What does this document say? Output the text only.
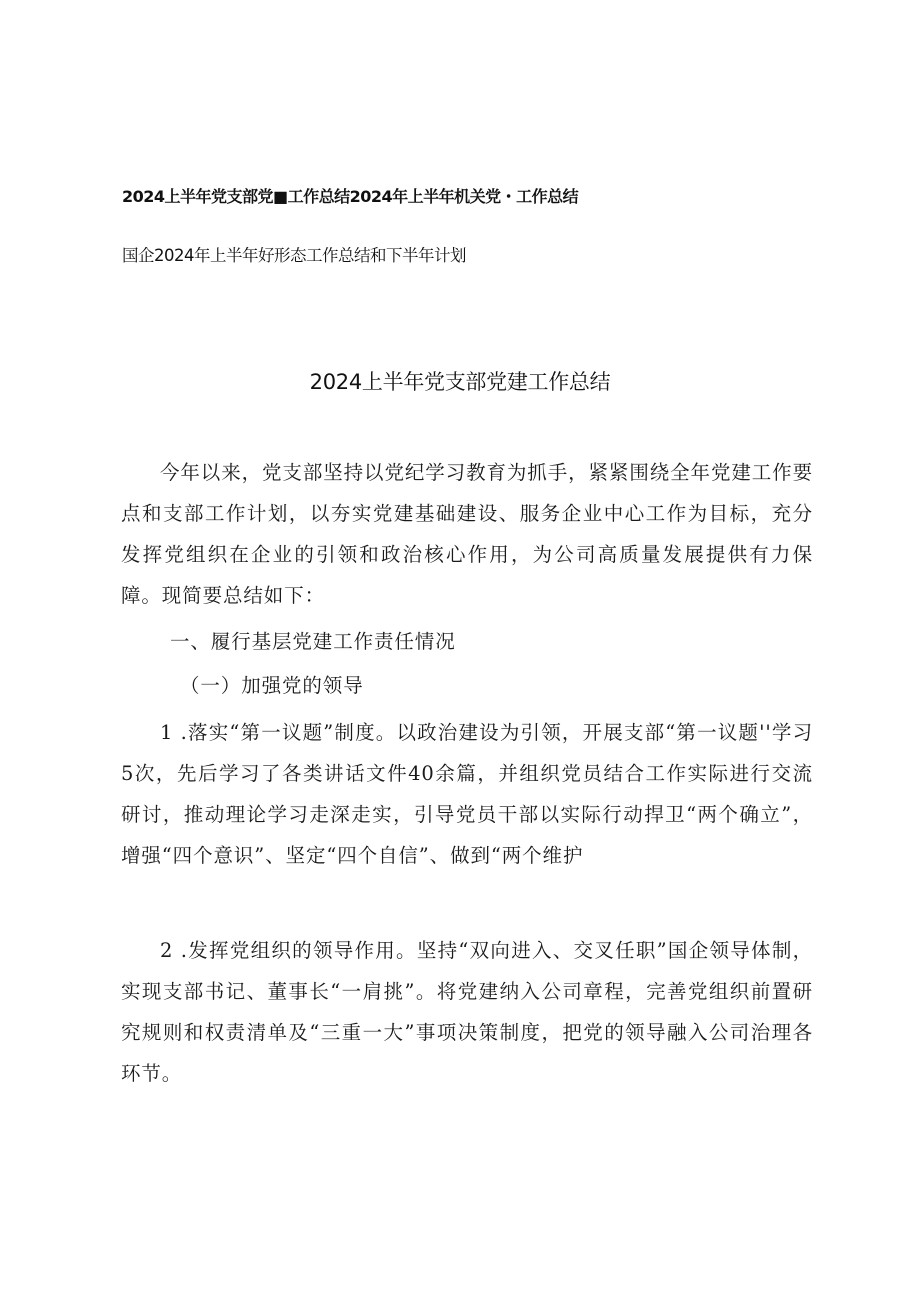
2024上半年党支部党■工作总结2024年上半年机关党・工作总结
国企2024年上半年好形态工作总结和下半年计划
2024上半年党支部党建工作总结
今年以来，党支部坚持以党纪学习教育为抓手，紧紧围绕全年党建工作要点和支部工作计划，以夯实党建基础建设、服务企业中心工作为目标，充分发挥党组织在企业的引领和政治核心作用，为公司高质量发展提供有力保障。现简要总结如下：
一、履行基层党建工作责任情况
（一）加强党的领导
1 .落实“第一议题”制度。以政治建设为引领，开展支部“第一议题''学习5次，先后学习了各类讲话文件40余篇，并组织党员结合工作实际进行交流研讨，推动理论学习走深走实，引导党员干部以实际行动捍卫“两个确立”，增强“四个意识”、坚定“四个自信”、做到“两个维护
2 .发挥党组织的领导作用。坚持“双向进入、交叉任职”国企领导体制，实现支部书记、董事长“一肩挑”。将党建纳入公司章程，完善党组织前置研究规则和权责清单及“三重一大”事项决策制度，把党的领导融入公司治理各环节。
